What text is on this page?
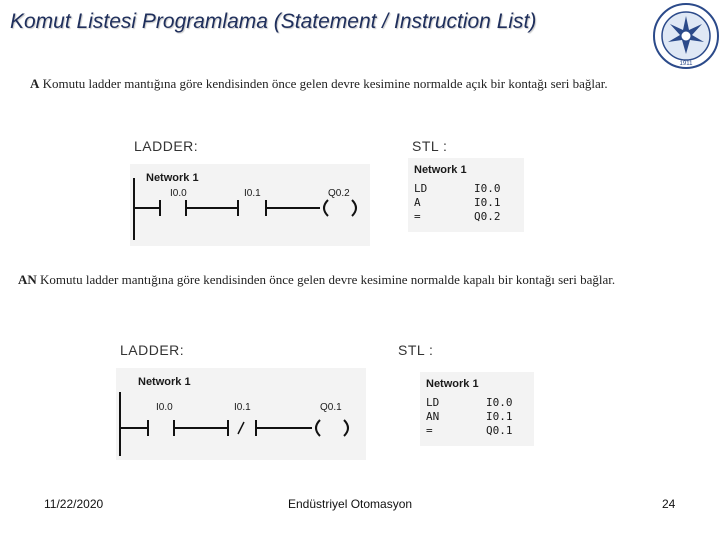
Komut Listesi Programlama (Statement / Instruction List)
1911
A Komutu ladder mantığına göre kendisinden önce gelen devre kesimine normalde açık bir kontağı seri bağlar.
LADDER:	STL :
Network 1
I0.0	I0.1	Q0.2
Network 1
LD	I0.0
A	I0.1
=	Q0.2
AN Komutu ladder mantığına göre kendisinden önce gelen devre kesimine normalde kapalı bir kontağı seri bağlar.
LADDER:	STL :
Network 1
I0.0	I0.1	Q0.1
Network 1
LD	I0.0
AN	I0.1
=	Q0.1
11/22/2020	Endüstriyel Otomasyon	24
